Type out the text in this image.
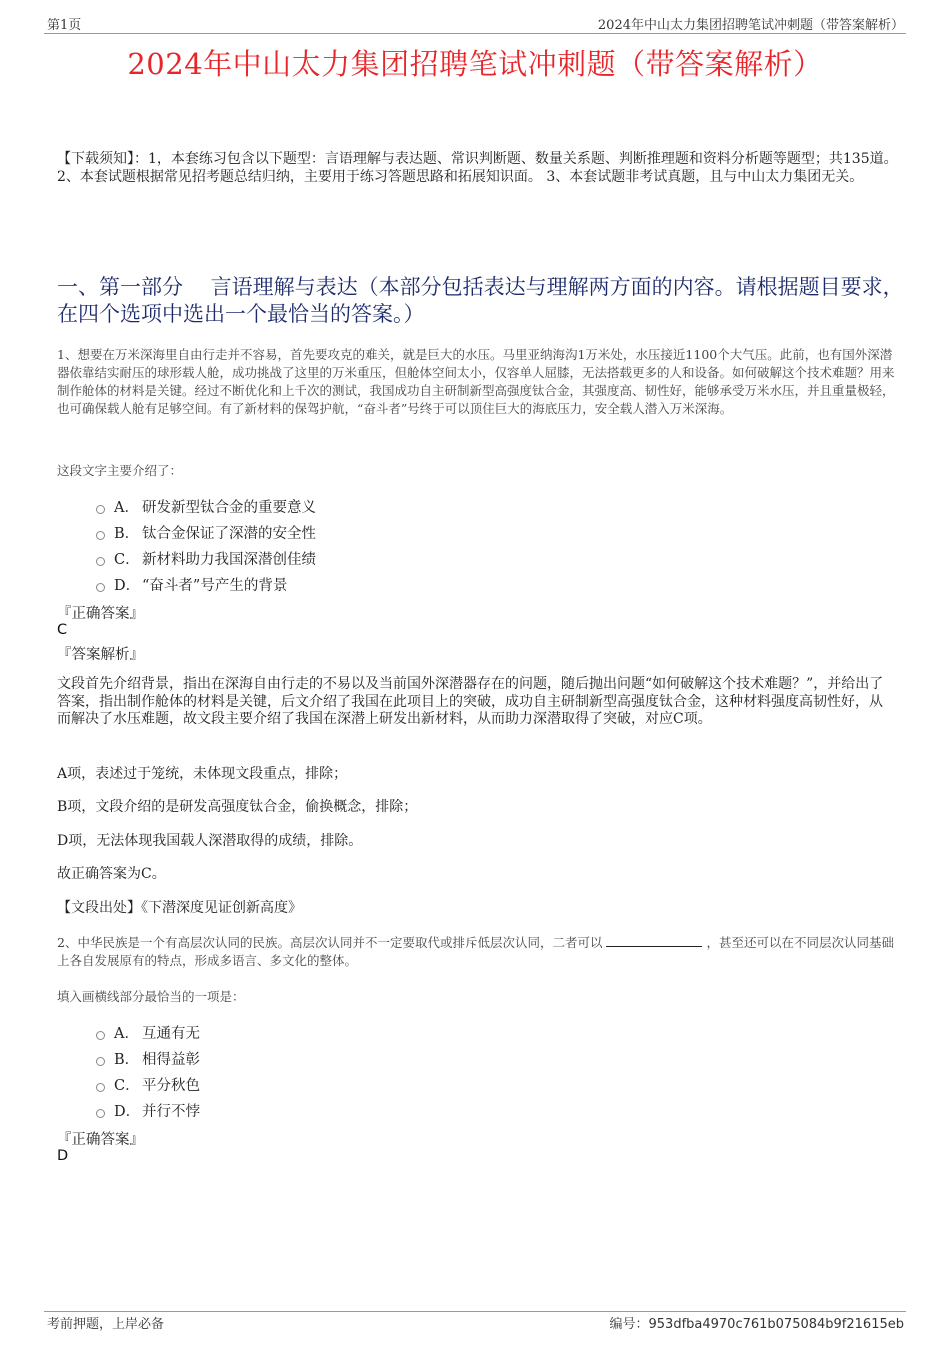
第1页	2024年中山太力集团招聘笔试冲刺题（带答案解析）
2024年中山太力集团招聘笔试冲刺题（带答案解析）
【下载须知】：1，本套练习包含以下题型：言语理解与表达题、常识判断题、数量关系题、判断推理题和资料分析题等题型；共135道。 2、本套试题根据常见招考题总结归纳，主要用于练习答题思路和拓展知识面。 3、本套试题非考试真题，且与中山太力集团无关。
一、第一部分　 言语理解与表达（本部分包括表达与理解两方面的内容。请根据题目要求，在四个选项中选出一个最恰当的答案。）
1、想要在万米深海里自由行走并不容易，首先要攻克的难关，就是巨大的水压。马里亚纳海沟1万米处，水压接近1100个大气压。此前，也有国外深潜器依靠结实耐压的球形载人舱，成功挑战了这里的万米重压，但舱体空间太小，仅容单人屈膝，无法搭载更多的人和设备。如何破解这个技术难题？用来制作舱体的材料是关键。经过不断优化和上千次的测试，我国成功自主研制新型高强度钛合金，其强度高、韧性好，能够承受万米水压，并且重量极轻，也可确保载人舱有足够空间。有了新材料的保驾护航，“奋斗者”号终于可以顶住巨大的海底压力，安全载人潜入万米深海。
这段文字主要介绍了：
A． 研发新型钛合金的重要意义
B． 钛合金保证了深潜的安全性
C． 新材料助力我国深潜创佳绩
D． “奋斗者”号产生的背景
『正确答案』
C
『答案解析』
文段首先介绍背景，指出在深海自由行走的不易以及当前国外深潜器存在的问题，随后抛出问题“如何破解这个技术难题？”，并给出了答案，指出制作舱体的材料是关键，后文介绍了我国在此项目上的突破，成功自主研制新型高强度钛合金，这种材料强度高韧性好，从而解决了水压难题，故文段主要介绍了我国在深潜上研发出新材料，从而助力深潜取得了突破，对应C项。
A项，表述过于笼统，未体现文段重点，排除；
B项，文段介绍的是研发高强度钛合金，偷换概念，排除；
D项，无法体现我国载人深潜取得的成绩，排除。
故正确答案为C。
【文段出处】《下潜深度见证创新高度》
2、中华民族是一个有高层次认同的民族。高层次认同并不一定要取代或排斥低层次认同，二者可以	，甚至还可以在不同层次认同基础上各自发展原有的特点，形成多语言、多文化的整体。
填入画横线部分最恰当的一项是：
A． 互通有无
B． 相得益彰
C． 平分秋色
D． 并行不悖
『正确答案』
D
考前押题，上岸必备	编号：953dfba4970c761b075084b9f21615eb
